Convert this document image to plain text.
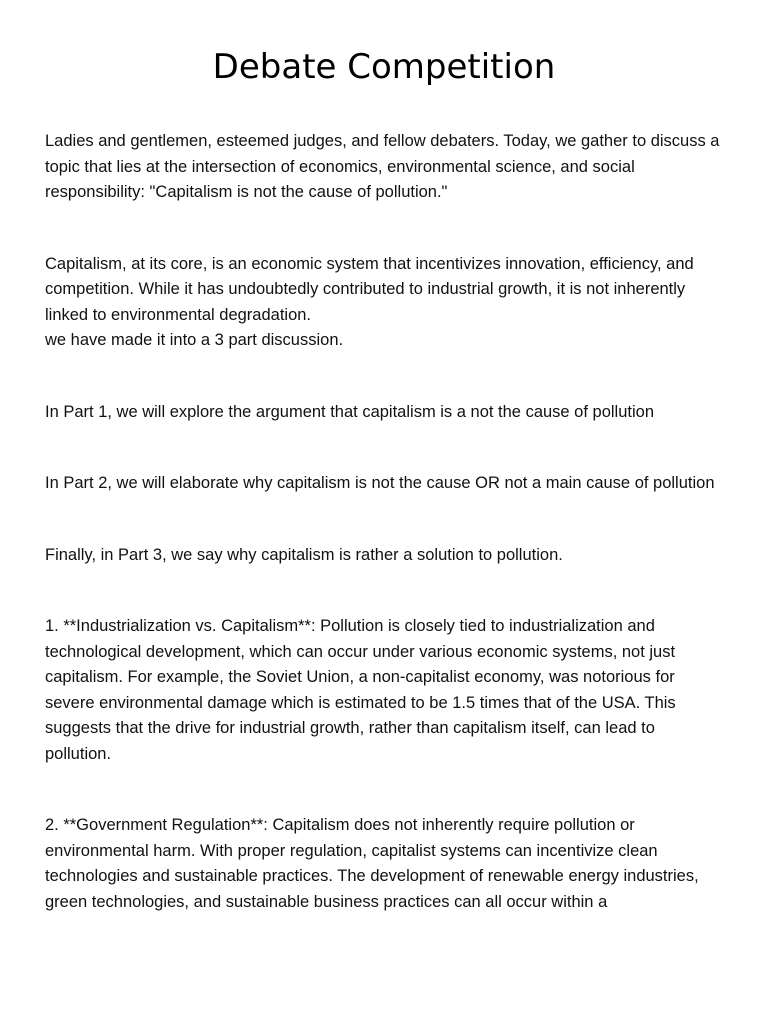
Debate Competition

Ladies and gentlemen, esteemed judges, and fellow debaters. Today, we gather to discuss a topic that lies at the intersection of economics, environmental science, and social responsibility: "Capitalism is not the cause of pollution."

Capitalism, at its core, is an economic system that incentivizes innovation, efficiency, and competition. While it has undoubtedly contributed to industrial growth, it is not inherently linked to environmental degradation.

we have made it into a 3 part discussion.

In Part 1, we will explore the argument that capitalism is a not the cause of pollution

In Part 2, we will elaborate why capitalism is not the cause OR not a main cause of pollution

Finally, in Part 3, we say why capitalism is rather a solution to pollution.

1. **Industrialization vs. Capitalism**: Pollution is closely tied to industrialization and technological development, which can occur under various economic systems, not just capitalism. For example, the Soviet Union, a non-capitalist economy, was notorious for severe environmental damage which is estimated to be 1.5 times that of the USA. This suggests that the drive for industrial growth, rather than capitalism itself, can lead to pollution.

2. **Government Regulation**: Capitalism does not inherently require pollution or environmental harm. With proper regulation, capitalist systems can incentivize clean technologies and sustainable practices. The development of renewable energy industries, green technologies, and sustainable business practices can all occur within a
